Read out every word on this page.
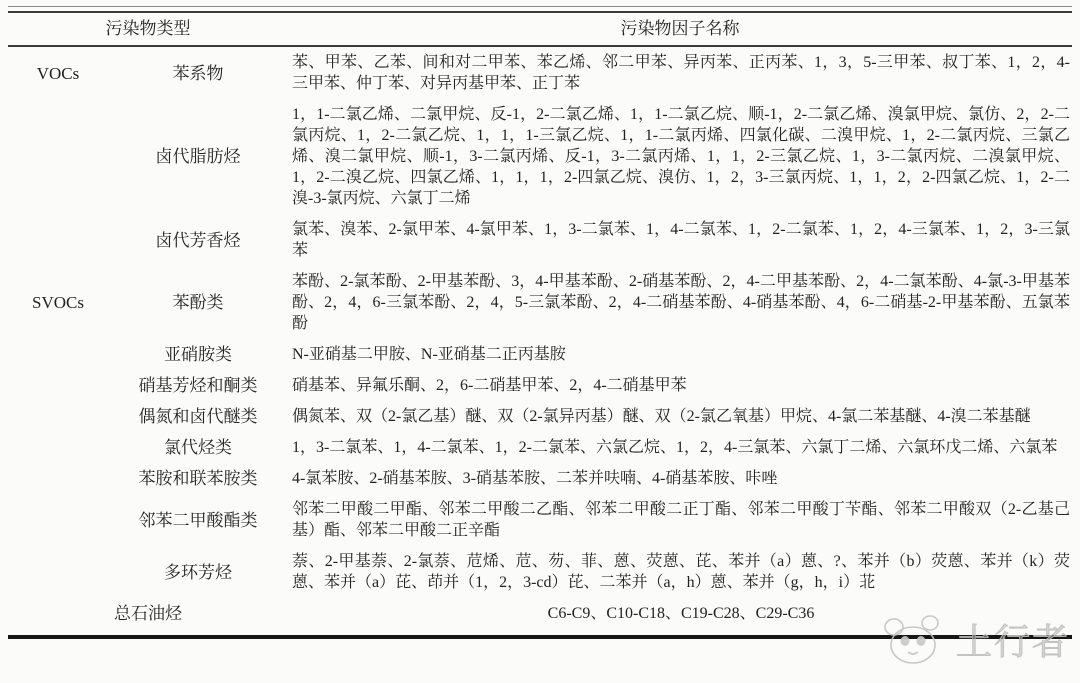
污染物类型		污染物因子名称
VOCs	苯系物	苯、甲苯、乙苯、间和对二甲苯、苯乙烯、邻二甲苯、异丙苯、正丙苯、1，3，5-三甲苯、叔丁苯、1，2，4-三甲苯、仲丁苯、对异丙基甲苯、正丁苯
	卤代脂肪烃	1，1-二氯乙烯、二氯甲烷、反-1，2-二氯乙烯、1，1-二氯乙烷、顺-1，2-二氯乙烯、溴氯甲烷、氯仿、2，2-二氯丙烷、1，2-二氯乙烷、1，1，1-三氯乙烷、1，1-二氯丙烯、四氯化碳、二溴甲烷、1，2-二氯丙烷、三氯乙烯、溴二氯甲烷、顺-1，3-二氯丙烯、反-1，3-二氯丙烯、1，1，2-三氯乙烷、1，3-二氯丙烷、二溴氯甲烷、1，2-二溴乙烷、四氯乙烯、1，1，1，2-四氯乙烷、溴仿、1，2，3-三氯丙烷、1，1，2，2-四氯乙烷、1，2-二溴-3-氯丙烷、六氯丁二烯
	卤代芳香烃	氯苯、溴苯、2-氯甲苯、4-氯甲苯、1，3-二氯苯、1，4-二氯苯、1，2-二氯苯、1，2，4-三氯苯、1，2，3-三氯苯
SVOCs	苯酚类	苯酚、2-氯苯酚、2-甲基苯酚、3，4-甲基苯酚、2-硝基苯酚、2，4-二甲基苯酚、2，4-二氯苯酚、4-氯-3-甲基苯酚、2，4，6-三氯苯酚、2，4，5-三氯苯酚、2，4-二硝基苯酚、4-硝基苯酚、4，6-二硝基-2-甲基苯酚、五氯苯酚
	亚硝胺类	N-亚硝基二甲胺、N-亚硝基二正丙基胺
	硝基芳烃和酮类	硝基苯、异氟乐酮、2，6-二硝基甲苯、2，4-二硝基甲苯
	偶氮和卤代醚类	偶氮苯、双（2-氯乙基）醚、双（2-氯异丙基）醚、双（2-氯乙氧基）甲烷、4-氯二苯基醚、4-溴二苯基醚
	氯代烃类	1，3-二氯苯、1，4-二氯苯、1，2-二氯苯、六氯乙烷、1，2，4-三氯苯、六氯丁二烯、六氯环戊二烯、六氯苯
	苯胺和联苯胺类	4-氯苯胺、2-硝基苯胺、3-硝基苯胺、二苯并呋喃、4-硝基苯胺、咔唑
	邻苯二甲酸酯类	邻苯二甲酸二甲酯、邻苯二甲酸二乙酯、邻苯二甲酸二正丁酯、邻苯二甲酸丁苄酯、邻苯二甲酸双（2-乙基己基）酯、邻苯二甲酸二正辛酯
	多环芳烃	萘、2-甲基萘、2-氯萘、苊烯、苊、芴、菲、蒽、荧蒽、芘、苯并（a）蒽、?、苯并（b）荧蒽、苯并（k）荧蒽、苯并（a）芘、茚并（1，2，3-cd）芘、二苯并（a，h）蒽、苯并（g，h，i）苝
总石油烃		C6-C9、C10-C18、C19-C28、C29-C36
土行者
